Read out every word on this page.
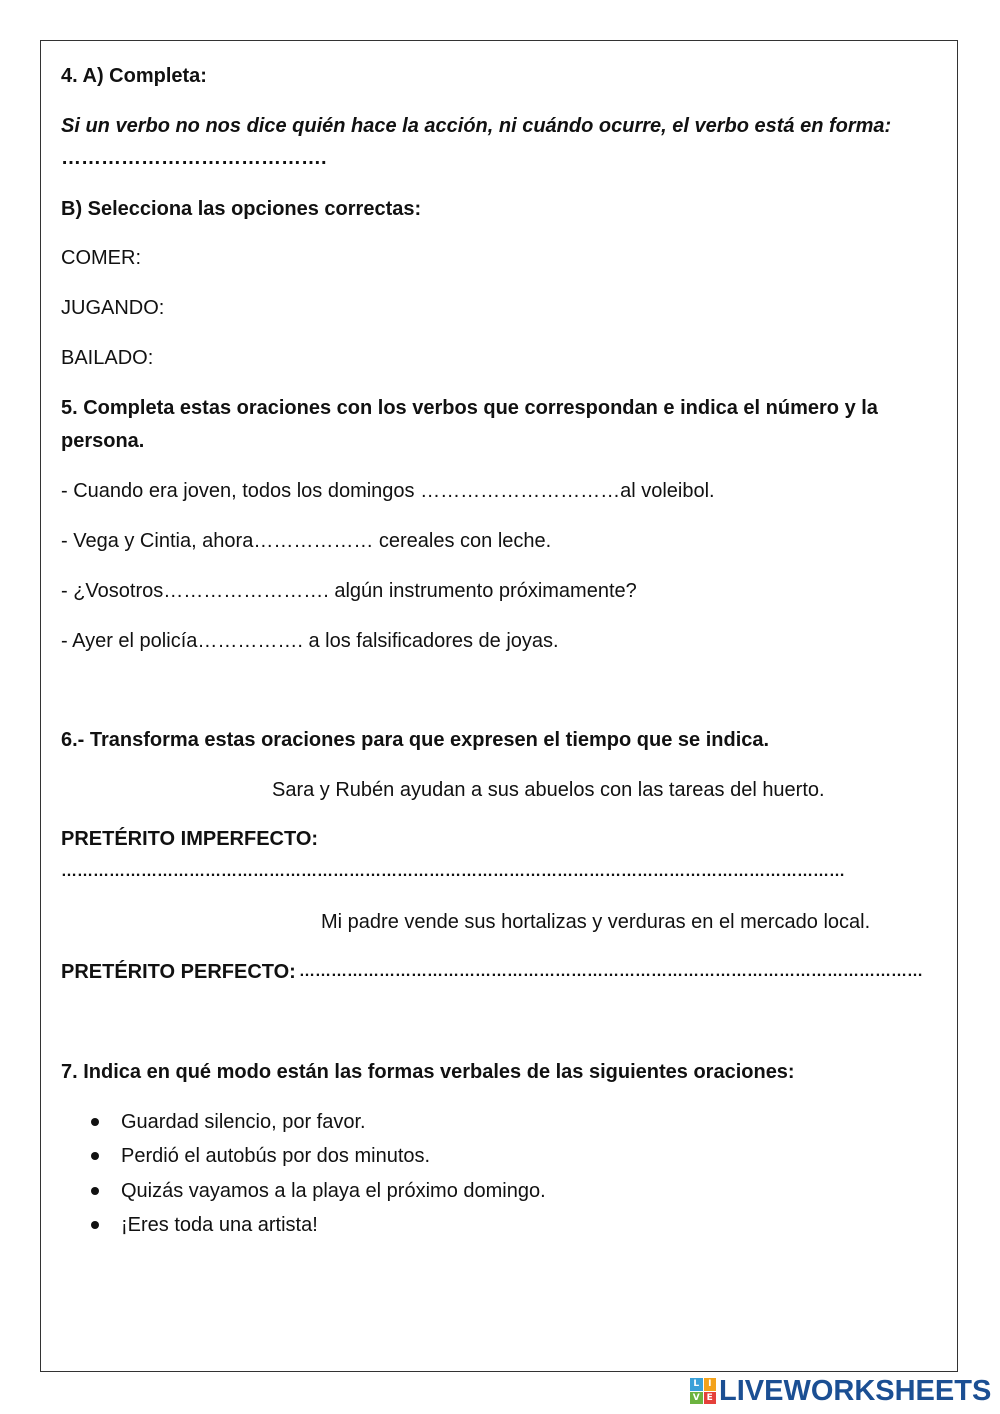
4. A) Completa:
Si un verbo no nos dice quién hace la acción, ni cuándo ocurre, el verbo está en forma:
………………………………….
B) Selecciona las opciones correctas:
COMER:
JUGANDO:
BAILADO:
5. Completa estas oraciones con los verbos que correspondan e indica el número y la
persona.
- Cuando era joven, todos los domingos …………………………al voleibol.
- Vega y Cintia, ahora……………… cereales con leche.
- ¿Vosotros……………………. algún instrumento próximamente?
- Ayer el policía……………. a los falsificadores de joyas.
6.- Transforma estas oraciones para que expresen el tiempo que se indica.
Sara y Rubén ayudan a sus abuelos con las tareas del huerto.
PRETÉRITO IMPERFECTO:
…………………………………………………………………………………………………………………………………
Mi padre vende sus hortalizas y verduras en el mercado local.
PRETÉRITO PERFECTO: ………………………………………………………………………………………………………
7. Indica en qué modo están las formas verbales de las siguientes oraciones:
Guardad silencio, por favor.
Perdió el autobús por dos minutos.
Quizás vayamos a la playa el próximo domingo.
¡Eres toda una artista!
L I
V E LIVEWORKSHEETS
